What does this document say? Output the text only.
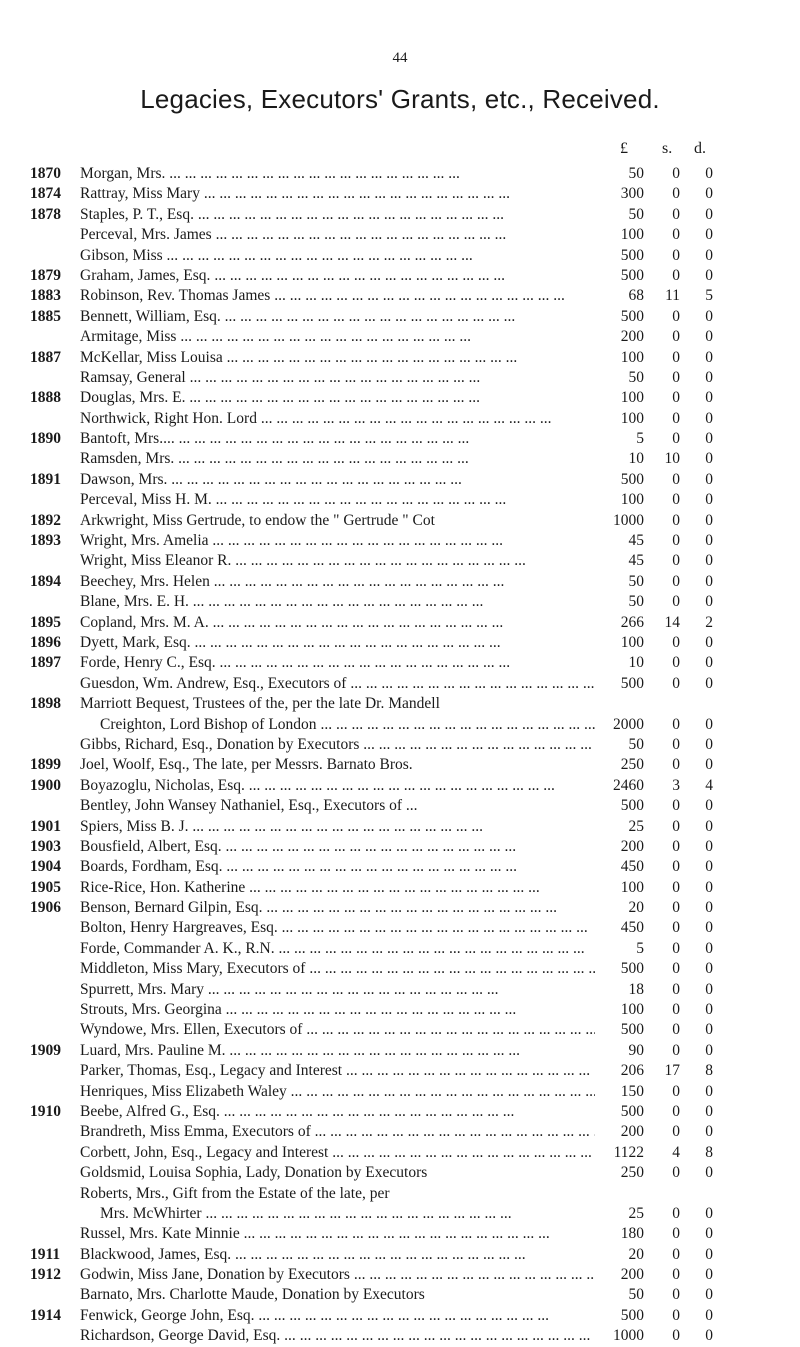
44
Legacies, Executors' Grants, etc., Received.
£ s. d.
1870	Morgan, Mrs. ... .	50	0	0
1874	Rattray, Miss Mary ... ... .	300	0	0
1878	Staples, P. T., Esq. ... ... .	50	0	0
Perceval, Mrs. James ... .	100	0	0
Gibson, Miss ... ... .	500	0	0
1879	Graham, James, Esq. ... .	500	0	0
1883	Robinson, Rev. Thomas James ... .	68	11	5
1885	Bennett, William, Esq. ... .	500	0	0
Armitage, Miss ... .	200	0	0
1887	McKellar, Miss Louisa ... .	100	0	0
Ramsay, General ... .	50	0	0
1888	Douglas, Mrs. E. ... .	100	0	0
Northwick, Right Hon. Lord ... .	100	0	0
1890	Bantoft, Mrs.... ... .	5	0	0
Ramsden, Mrs. ... .	10	10	0
1891	Dawson, Mrs. ... .	500	0	0
Perceval, Miss H. M. ... .	100	0	0
1892	Arkwright, Miss Gertrude, to endow the " Gertrude " Cot	1000	0	0
1893	Wright, Mrs. Amelia ... .	45	0	0
Wright, Miss Eleanor R. ... .	45	0	0
1894	Beechey, Mrs. Helen ... .	50	0	0
Blane, Mrs. E. H. ... .	50	0	0
1895	Copland, Mrs. M. A. ... .	266	14	2
1896	Dyett, Mark, Esq. ... ... .	100	0	0
1897	Forde, Henry C., Esq. ... .	10	0	0
Guesdon, Wm. Andrew, Esq., Executors of ... .	500	0	0
1898	Marriott Bequest, Trustees of the, per the late Dr. Mandell
Creighton, Lord Bishop of London ... .	2000	0	0
Gibbs, Richard, Esq., Donation by Executors ... ... .	50	0	0
1899	Joel, Woolf, Esq., The late, per Messrs. Barnato Bros.	250	0	0
1900	Boyazoglu, Nicholas, Esq. ... ... .	2460	3	4
Bentley, John Wansey Nathaniel, Esq., Executors of ...	500	0	0
1901	Spiers, Miss B. J. ... .	25	0	0
1903	Bousfield, Albert, Esq. ... .	200	0	0
1904	Boards, Fordham, Esq. ... .	450	0	0
1905	Rice-Rice, Hon. Katherine ... .	100	0	0
1906	Benson, Bernard Gilpin, Esq. ... .	20	0	0
Bolton, Henry Hargreaves, Esq. ... ... .	450	0	0
Forde, Commander A. K., R.N. ... ... .	5	0	0
Middleton, Miss Mary, Executors of ... .	500	0	0
Spurrett, Mrs. Mary ... .	18	0	0
Strouts, Mrs. Georgina ... .	100	0	0
Wyndowe, Mrs. Ellen, Executors of ... .	500	0	0
1909	Luard, Mrs. Pauline M. ... .	90	0	0
Parker, Thomas, Esq., Legacy and Interest ... .	206	17	8
Henriques, Miss Elizabeth Waley ... ... .	150	0	0
1910	Beebe, Alfred G., Esq. ... .	500	0	0
Brandreth, Miss Emma, Executors of ... .	200	0	0
Corbett, John, Esq., Legacy and Interest ... .	1122	4	8
Goldsmid, Louisa Sophia, Lady, Donation by Executors	250	0	0
Roberts, Mrs., Gift from the Estate of the late, per
Mrs. McWhirter ... ... .	25	0	0
Russel, Mrs. Kate Minnie ... ... .	180	0	0
1911	Blackwood, James, Esq. ... .	20	0	0
1912	Godwin, Miss Jane, Donation by Executors ... .	200	0	0
Barnato, Mrs. Charlotte Maude, Donation by Executors	50	0	0
1914	Fenwick, George John, Esq. ... .	500	0	0
Richardson, George David, Esq. ... ... .	1000	0	0
